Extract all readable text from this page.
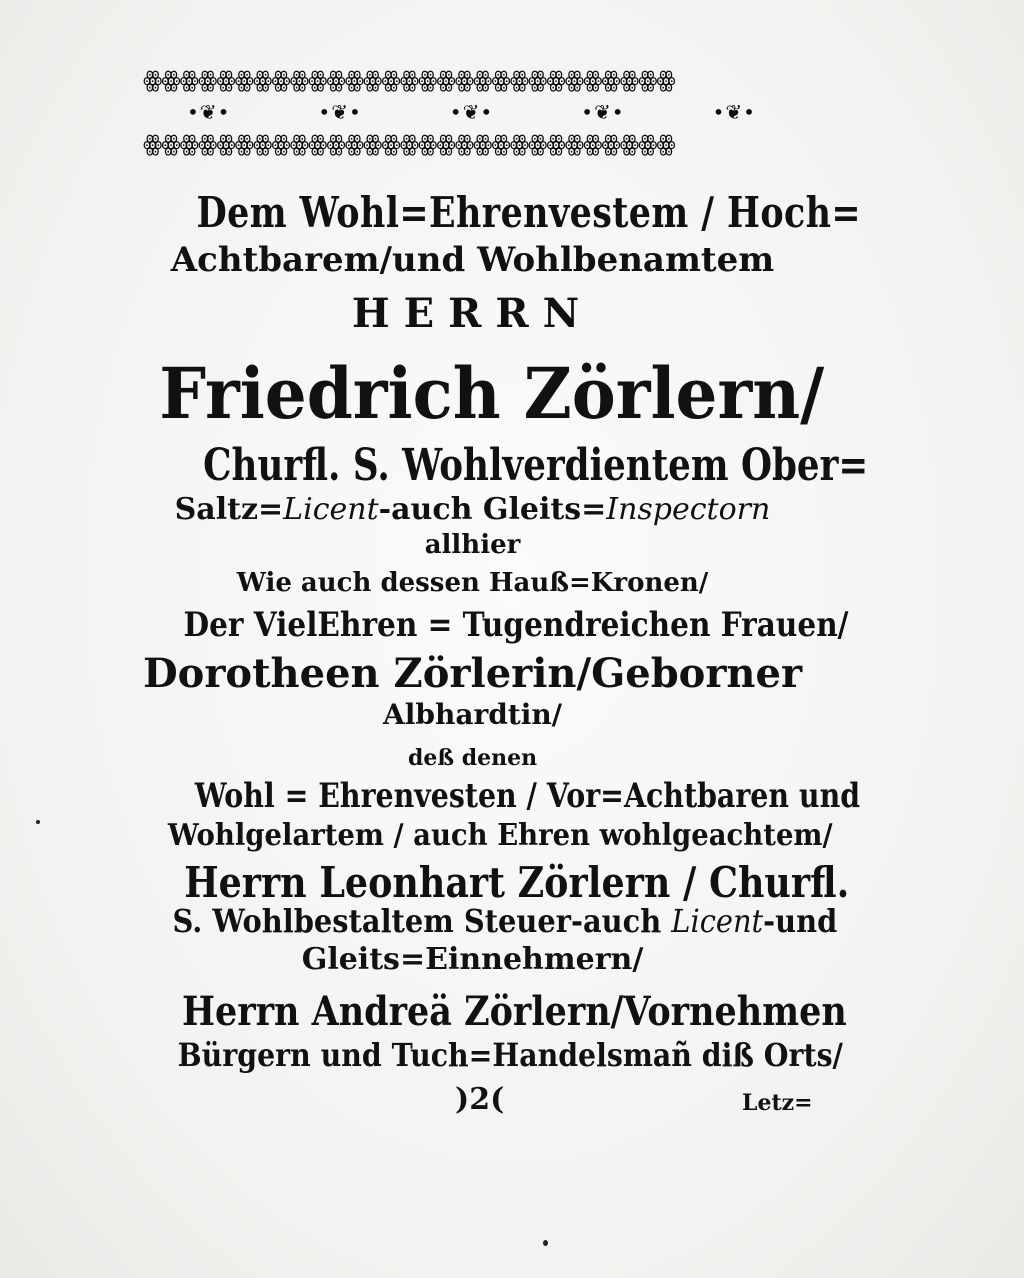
ꙮꙮꙮꙮꙮꙮꙮꙮꙮꙮꙮꙮꙮꙮꙮꙮꙮꙮꙮꙮꙮꙮꙮꙮꙮꙮꙮꙮꙮ
•❦•	•❦•	•❦•	•❦•	•❦•
ꙮꙮꙮꙮꙮꙮꙮꙮꙮꙮꙮꙮꙮꙮꙮꙮꙮꙮꙮꙮꙮꙮꙮꙮꙮꙮꙮꙮꙮ
Dem Wohl=Ehrenvestem / Hoch=
Achtbarem/und Wohlbenamtem
HERRN
Friedrich Zörlern/
Churfl. S. Wohlverdientem Ober=
Saltz=Licent-auch Gleits=Inspectorn
allhier
Wie auch dessen Hauß=Kronen/
Der VielEhren = Tugendreichen Frauen/
Dorotheen Zörlerin/Geborner
Albhardtin/
deß denen
Wohl = Ehrenvesten / Vor=Achtbaren und
Wohlgelartem / auch Ehren wohlgeachtem/
Herrn Leonhart Zörlern / Churfl.
S. Wohlbestaltem Steuer-auch Licent-und
Gleits=Einnehmern/
Herrn Andreä Zörlern/Vornehmen
Bürgern und Tuch=Handelsmañ diß Orts/
)2(	Letz=
